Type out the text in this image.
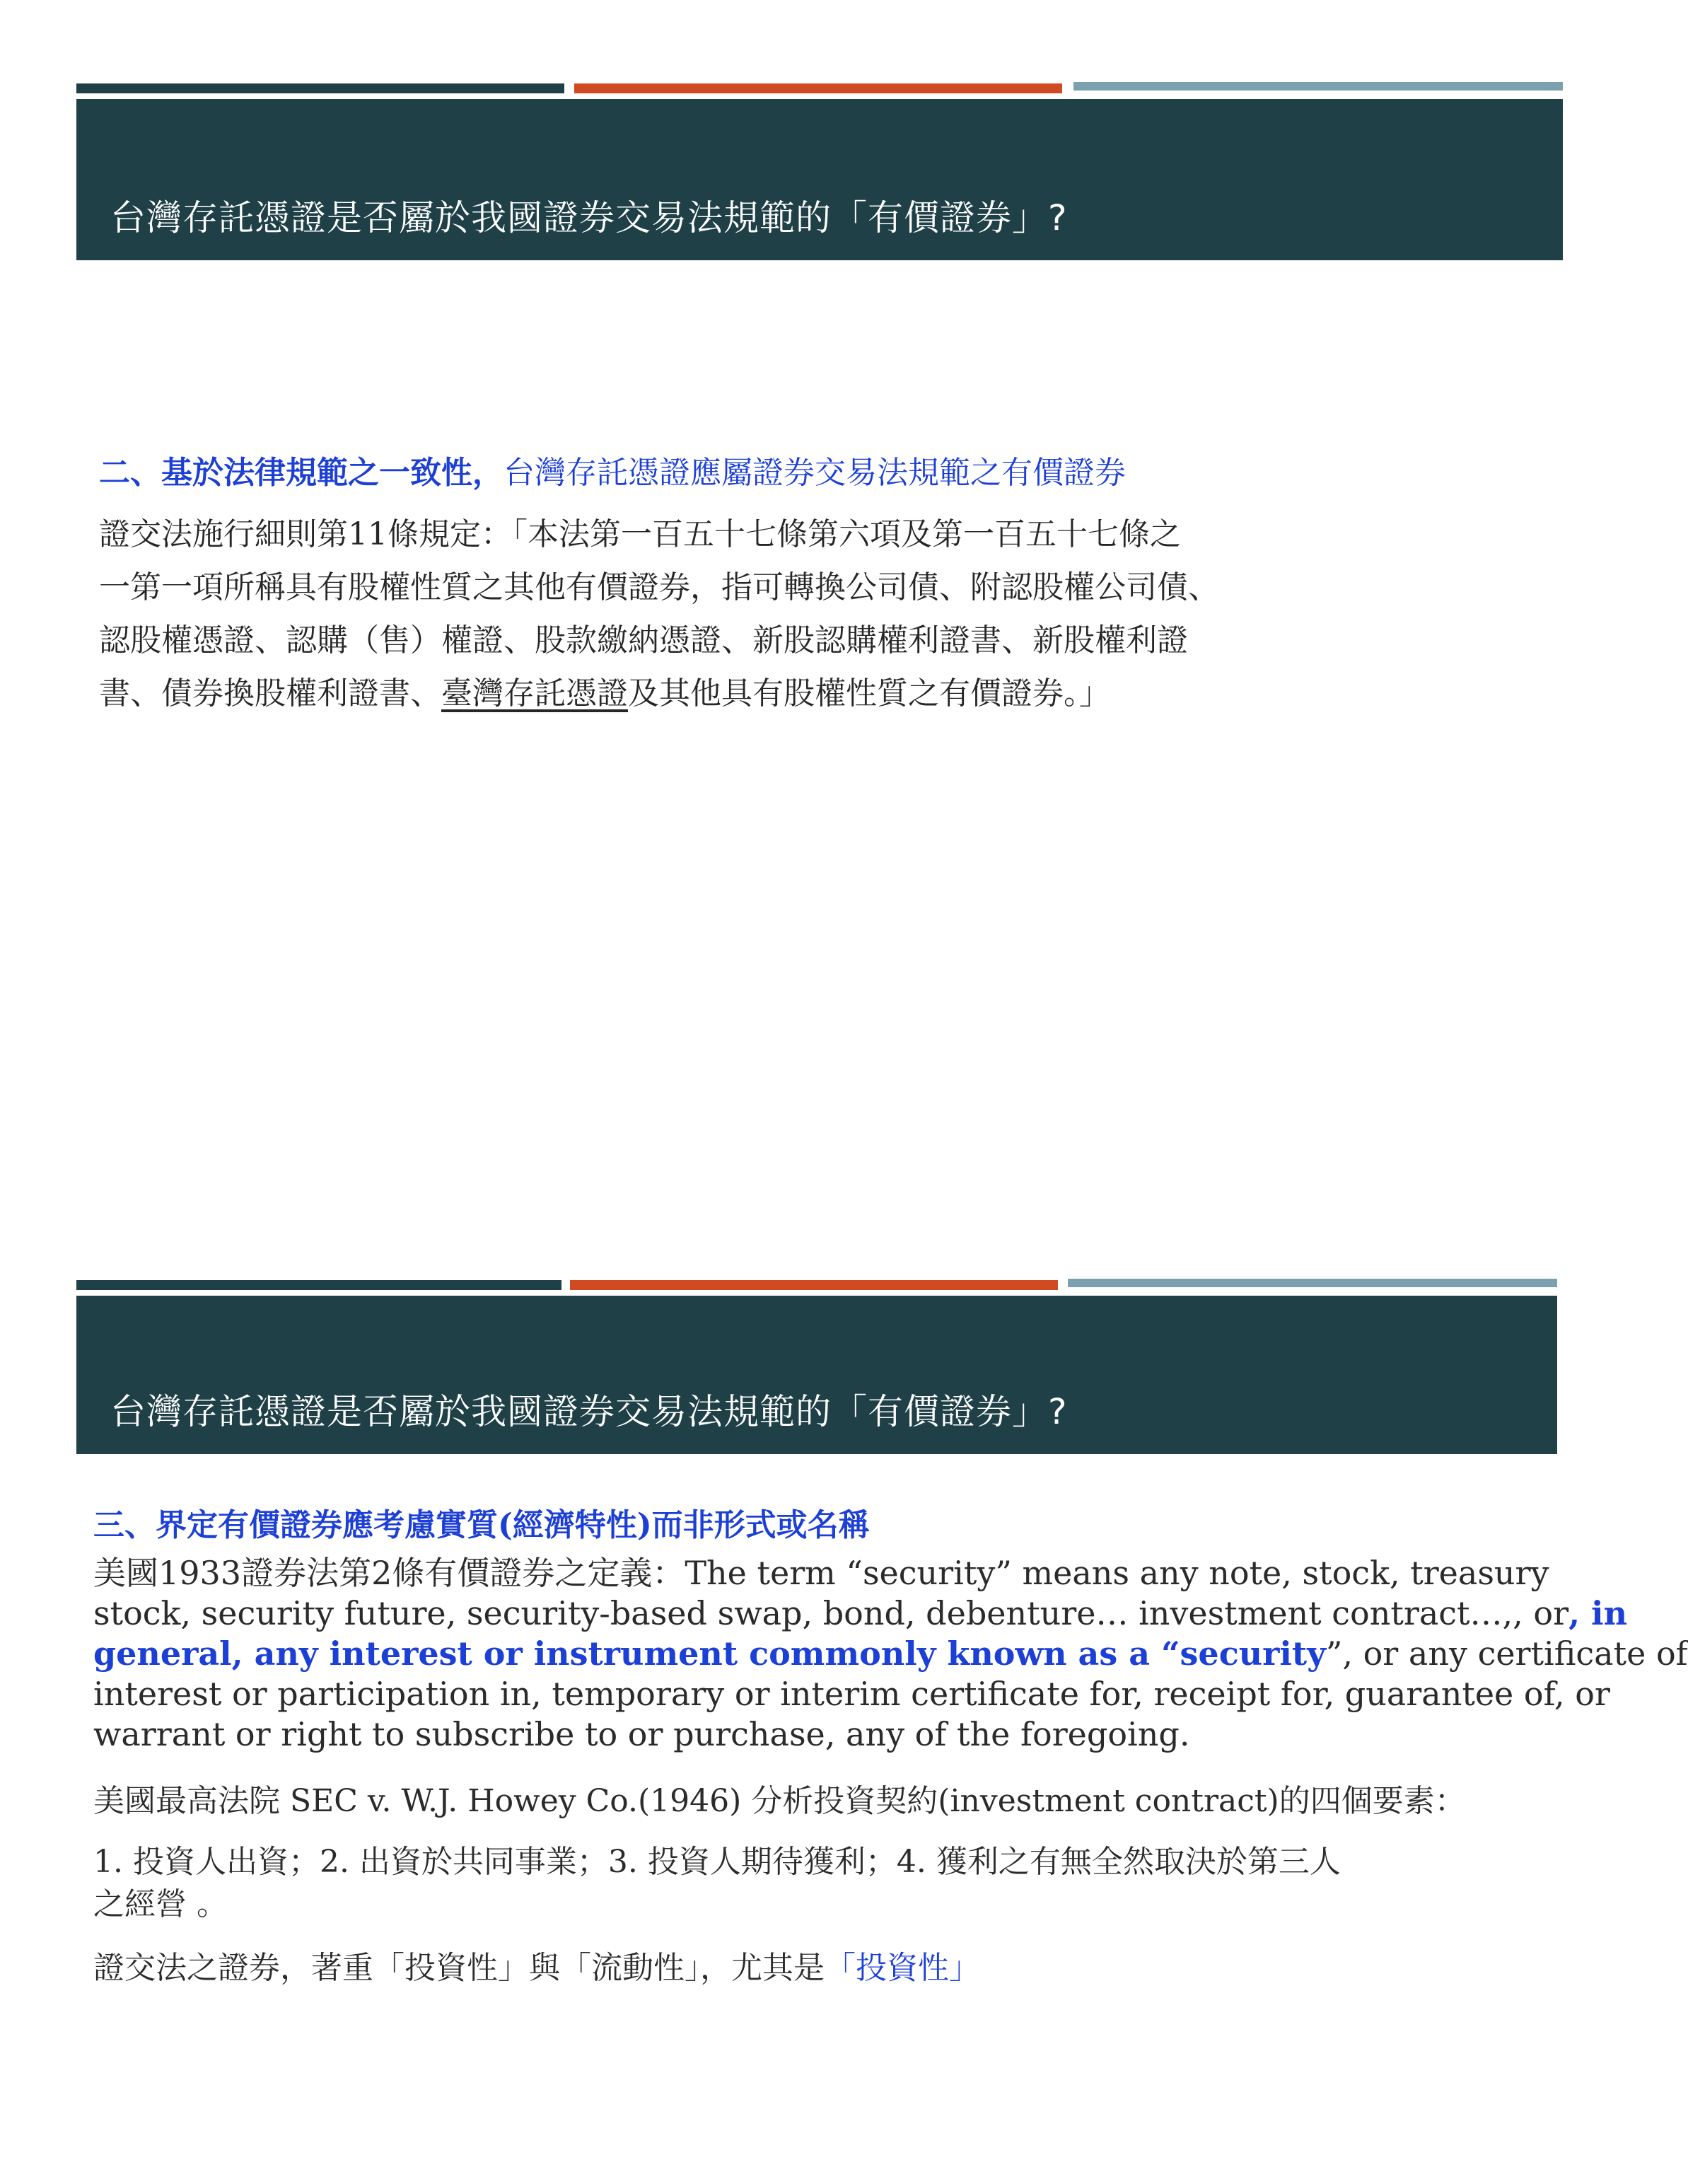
台灣存託憑證是否屬於我國證券交易法規範的「有價證券」?
二、基於法律規範之一致性，台灣存託憑證應屬證券交易法規範之有價證券
證交法施行細則第11條規定：「本法第一百五十七條第六項及第一百五十七條之
一第一項所稱具有股權性質之其他有價證券，指可轉換公司債、附認股權公司債、
認股權憑證、認購（售）權證、股款繳納憑證、新股認購權利證書、新股權利證
書、債券換股權利證書、臺灣存託憑證及其他具有股權性質之有價證券。」
台灣存託憑證是否屬於我國證券交易法規範的「有價證券」?
三、界定有價證券應考慮實質(經濟特性)而非形式或名稱
美國1933證券法第2條有價證券之定義：The term “security” means any note, stock, treasury
stock, security future, security-based swap, bond, debenture… investment contract…,, or, in
general, any interest or instrument commonly known as a “security”, or any certificate of
interest or participation in, temporary or interim certificate for, receipt for, guarantee of, or
warrant or right to subscribe to or purchase, any of the foregoing.
美國最高法院 SEC v. W.J. Howey Co.(1946) 分析投資契約(investment contract)的四個要素：
1. 投資人出資；2. 出資於共同事業；3. 投資人期待獲利；4. 獲利之有無全然取決於第三人
之經營 。
證交法之證券，著重「投資性」與「流動性」，尤其是「投資性」
